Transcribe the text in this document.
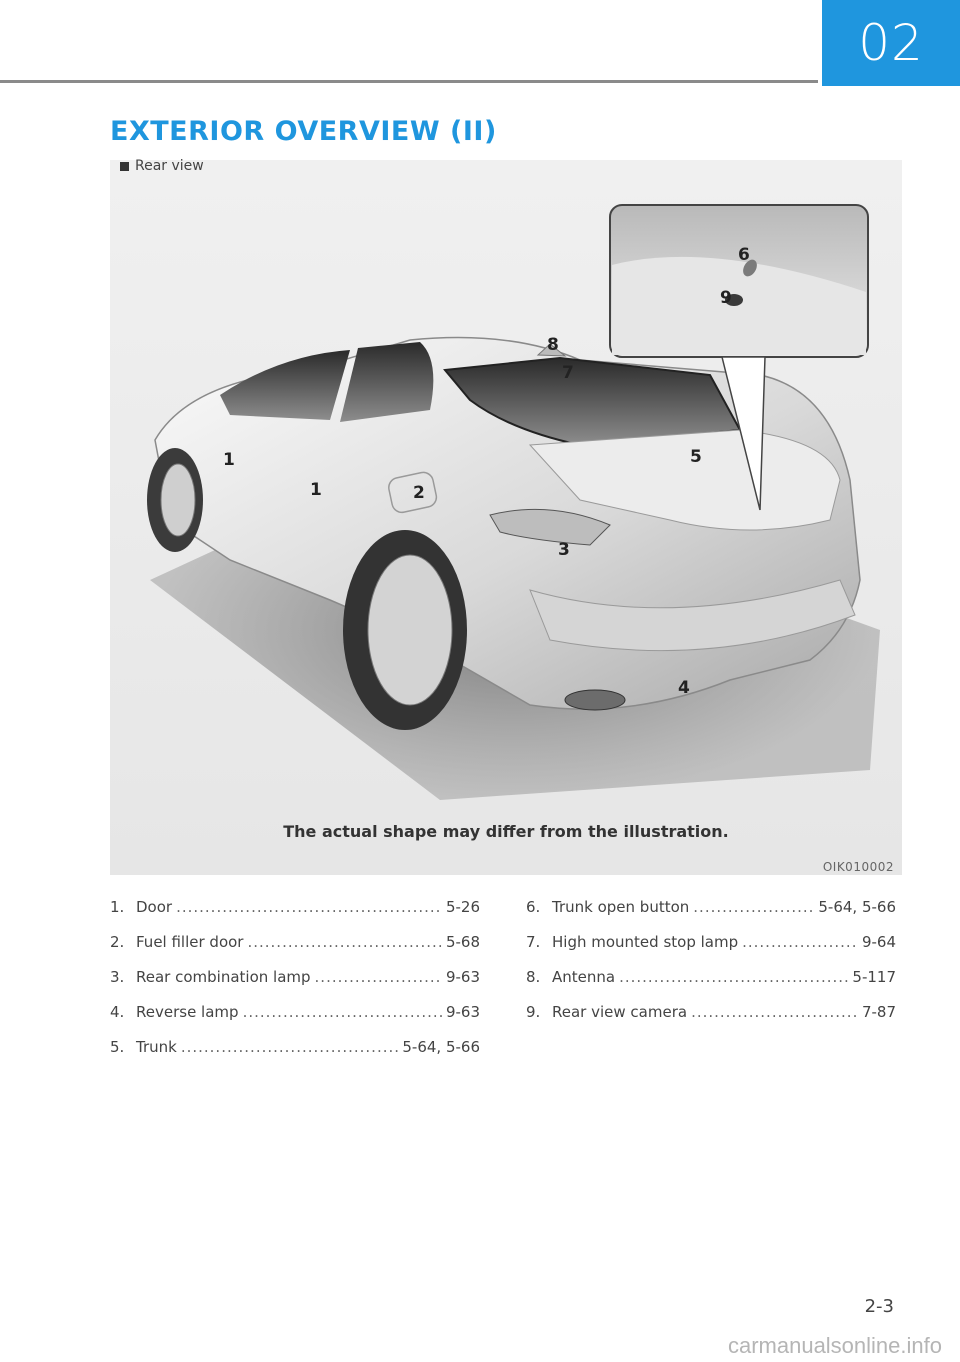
02
EXTERIOR OVERVIEW (II)
1
1	2
3
4
5
6
7
8
9
Rear view
The actual shape may differ from the illustration.
OIK010002
1. Door .....	5-26
2. Fuel filler door .....	5-68
3. Rear combination lamp .....	9-63
4. Reverse lamp .....	9-63
5. Trunk .....	5-64, 5-66
6. Trunk open button .....	5-64, 5-66
7. High mounted stop lamp .....	9-64
8. Antenna .....	5-117
9. Rear view camera .....	7-87
2-3
carmanualsonline.info
